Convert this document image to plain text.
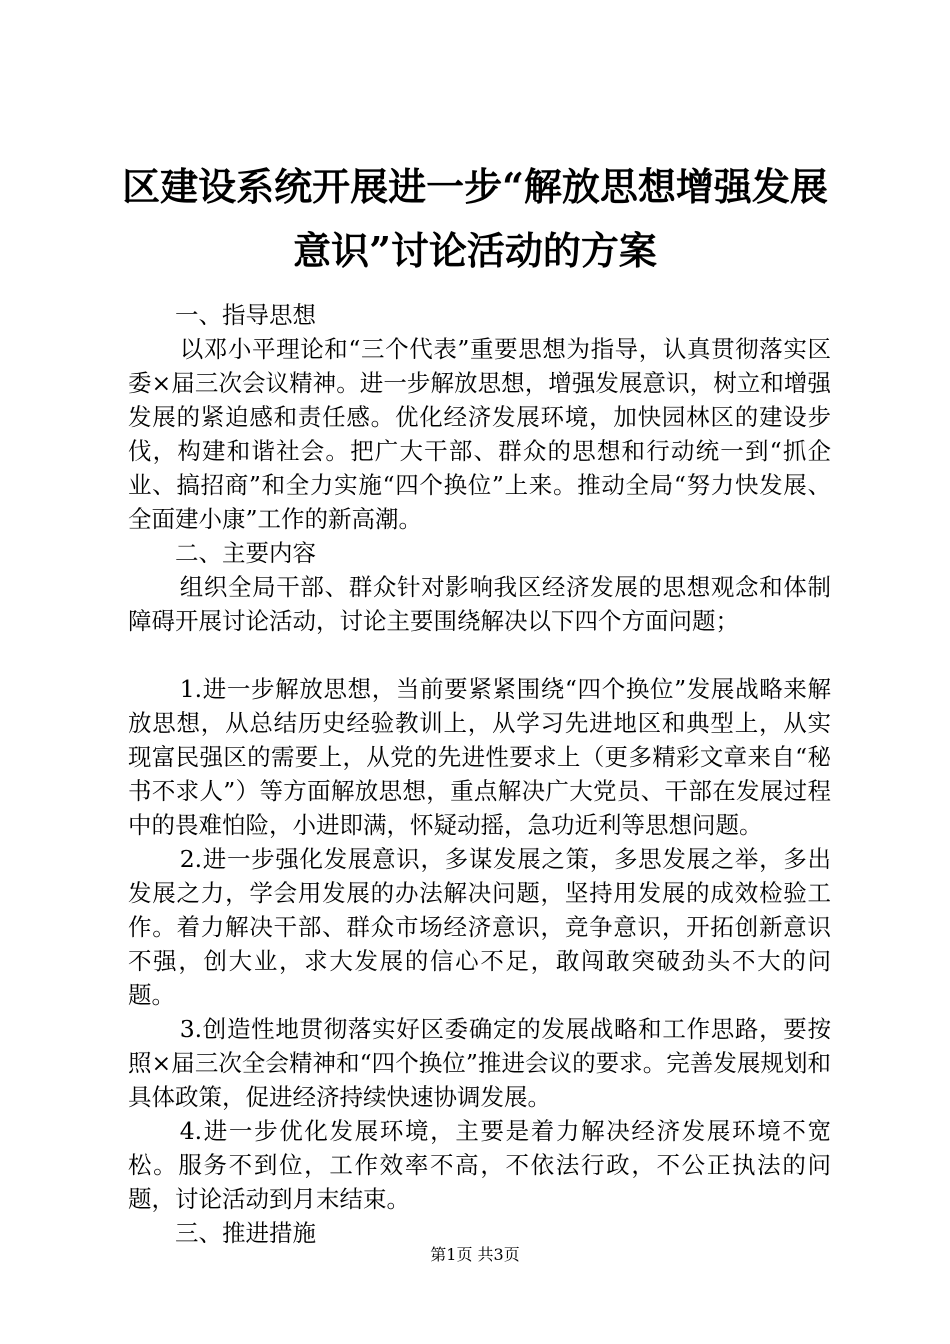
区建设系统开展进一步“解放思想增强发展意识”讨论活动的方案

一、指导思想

以邓小平理论和“三个代表”重要思想为指导，认真贯彻落实区委×届三次会议精神。进一步解放思想，增强发展意识，树立和增强发展的紧迫感和责任感。优化经济发展环境，加快园林区的建设步伐，构建和谐社会。把广大干部、群众的思想和行动统一到“抓企业、搞招商”和全力实施“四个换位”上来。推动全局“努力快发展、全面建小康”工作的新高潮。

二、主要内容

组织全局干部、群众针对影响我区经济发展的思想观念和体制障碍开展讨论活动，讨论主要围绕解决以下四个方面问题；

1.进一步解放思想，当前要紧紧围绕“四个换位”发展战略来解放思想，从总结历史经验教训上，从学习先进地区和典型上，从实现富民强区的需要上，从党的先进性要求上（更多精彩文章来自“秘书不求人”）等方面解放思想，重点解决广大党员、干部在发展过程中的畏难怕险，小进即满，怀疑动摇，急功近利等思想问题。

2.进一步强化发展意识，多谋发展之策，多思发展之举，多出发展之力，学会用发展的办法解决问题，坚持用发展的成效检验工作。着力解决干部、群众市场经济意识，竞争意识，开拓创新意识不强，创大业，求大发展的信心不足，敢闯敢突破劲头不大的问题。

3.创造性地贯彻落实好区委确定的发展战略和工作思路，要按照×届三次全会精神和“四个换位”推进会议的要求。完善发展规划和具体政策，促进经济持续快速协调发展。

4.进一步优化发展环境，主要是着力解决经济发展环境不宽松。服务不到位，工作效率不高，不依法行政，不公正执法的问题，讨论活动到月末结束。

三、推进措施

第1页 共3页
